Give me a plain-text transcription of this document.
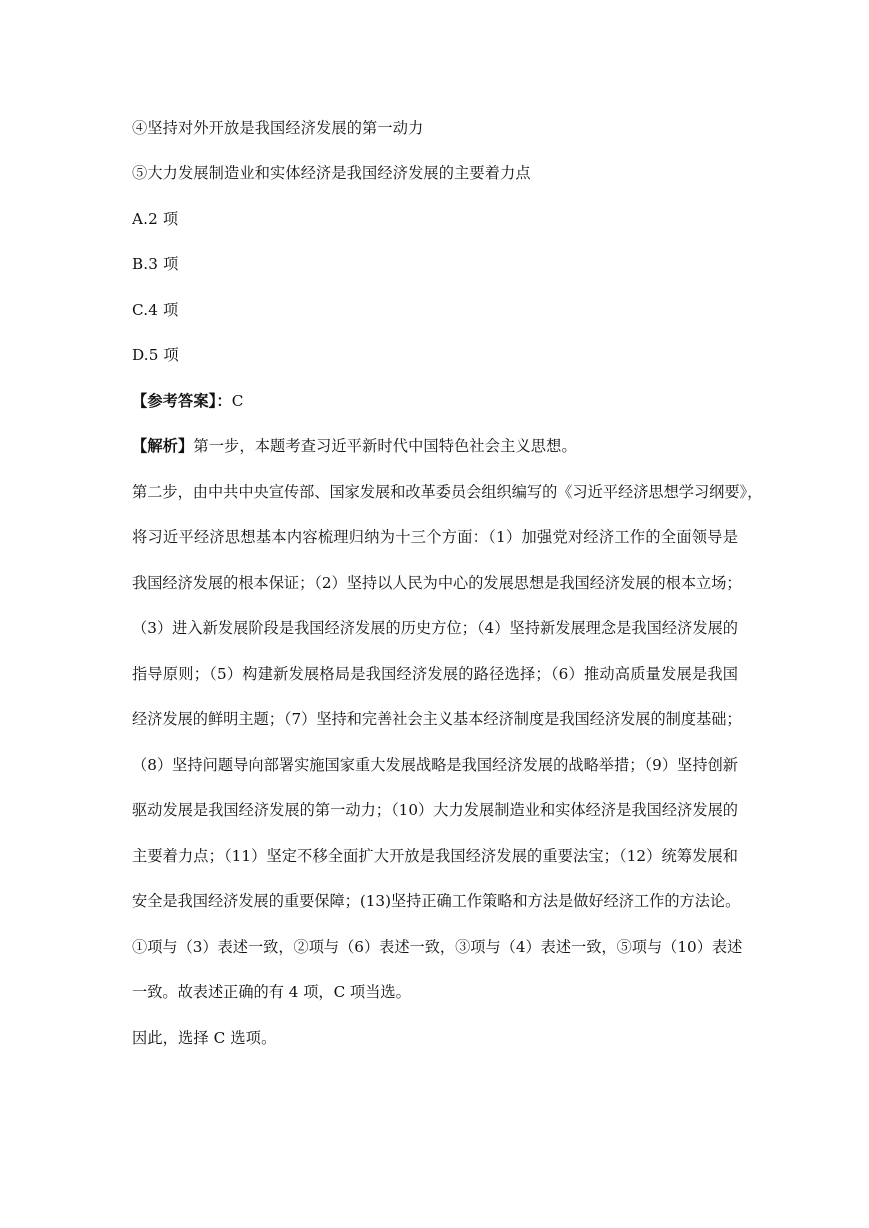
④坚持对外开放是我国经济发展的第一动力
⑤大力发展制造业和实体经济是我国经济发展的主要着力点
A.2 项
B.3 项
C.4 项
D.5 项
【参考答案】：C
【解析】第一步，本题考查习近平新时代中国特色社会主义思想。
第二步，由中共中央宣传部、国家发展和改革委员会组织编写的《习近平经济思想学习纲要》，
将习近平经济思想基本内容梳理归纳为十三个方面：（1）加强党对经济工作的全面领导是
我国经济发展的根本保证；（2）坚持以人民为中心的发展思想是我国经济发展的根本立场；
（3）进入新发展阶段是我国经济发展的历史方位；（4）坚持新发展理念是我国经济发展的
指导原则；（5）构建新发展格局是我国经济发展的路径选择；（6）推动高质量发展是我国
经济发展的鲜明主题；（7）坚持和完善社会主义基本经济制度是我国经济发展的制度基础；
（8）坚持问题导向部署实施国家重大发展战略是我国经济发展的战略举措；（9）坚持创新
驱动发展是我国经济发展的第一动力；（10）大力发展制造业和实体经济是我国经济发展的
主要着力点；（11）坚定不移全面扩大开放是我国经济发展的重要法宝；（12）统筹发展和
安全是我国经济发展的重要保障；(13)坚持正确工作策略和方法是做好经济工作的方法论。
①项与（3）表述一致，②项与（6）表述一致，③项与（4）表述一致，⑤项与（10）表述
一致。故表述正确的有 4 项，C 项当选。
因此，选择 C 选项。
